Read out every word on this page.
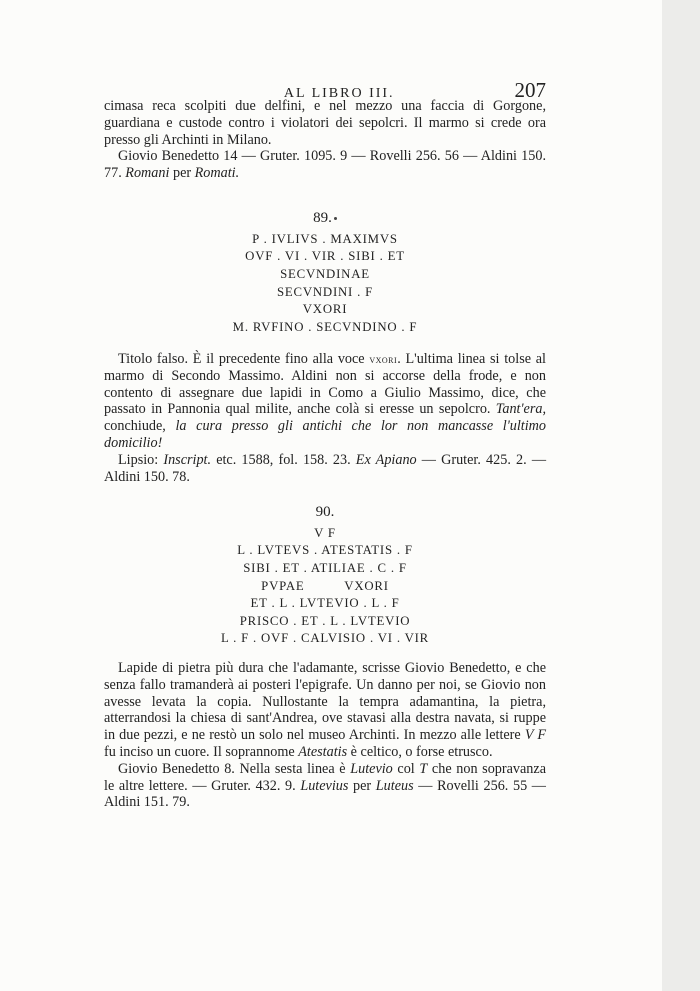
AL LIBRO III.	207

cimasa reca scolpiti due delfini, e nel mezzo una faccia di Gorgone, guardiana e custode contro i violatori dei sepolcri. Il marmo si crede ora presso gli Archinti in Milano.

Giovio Benedetto 14 — Gruter. 1095. 9 — Rovelli 256. 56 — Aldini 150. 77. Romani per Romati.

89.
P . IVLIVS . MAXIMVS
OVF . VI . VIR . SIBI . ET
SECVNDINAE
SECVNDINI . F
VXORI
M. RVFINO . SECVNDINO . F

Titolo falso. È il precedente fino alla voce vxori. L'ultima linea si tolse al marmo di Secondo Massimo. Aldini non si accorse della frode, e non contento di assegnare due lapidi in Como a Giulio Massimo, dice, che passato in Pannonia qual milite, anche colà si eresse un sepolcro. Tant'era, conchiude, la cura presso gli antichi che lor non mancasse l'ultimo domicilio!

Lipsio: Inscript. etc. 1588, fol. 158. 23. Ex Apiano — Gruter. 425. 2. — Aldini 150. 78.

90.
V F
L . LVTEVS . ATESTATIS . F
SIBI . ET . ATILIAE . C . F
PVPAE          VXORI
ET . L . LVTEVIO . L . F
PRISCO . ET . L . LVTEVIO
L . F . OVF . CALVISIO . VI . VIR

Lapide di pietra più dura che l'adamante, scrisse Giovio Benedetto, e che senza fallo tramanderà ai posteri l'epigrafe. Un danno per noi, se Giovio non avesse levata la copia. Nullostante la tempra adamantina, la pietra, atterrandosi la chiesa di sant'Andrea, ove stavasi alla destra navata, si ruppe in due pezzi, e ne restò un solo nel museo Archinti. In mezzo alle lettere V F fu inciso un cuore. Il soprannome Atestatis è celtico, o forse etrusco.

Giovio Benedetto 8. Nella sesta linea è Lutevio col T che non sopravanza le altre lettere. — Gruter. 432. 9. Lutevius per Luteus — Rovelli 256. 55 — Aldini 151. 79.
